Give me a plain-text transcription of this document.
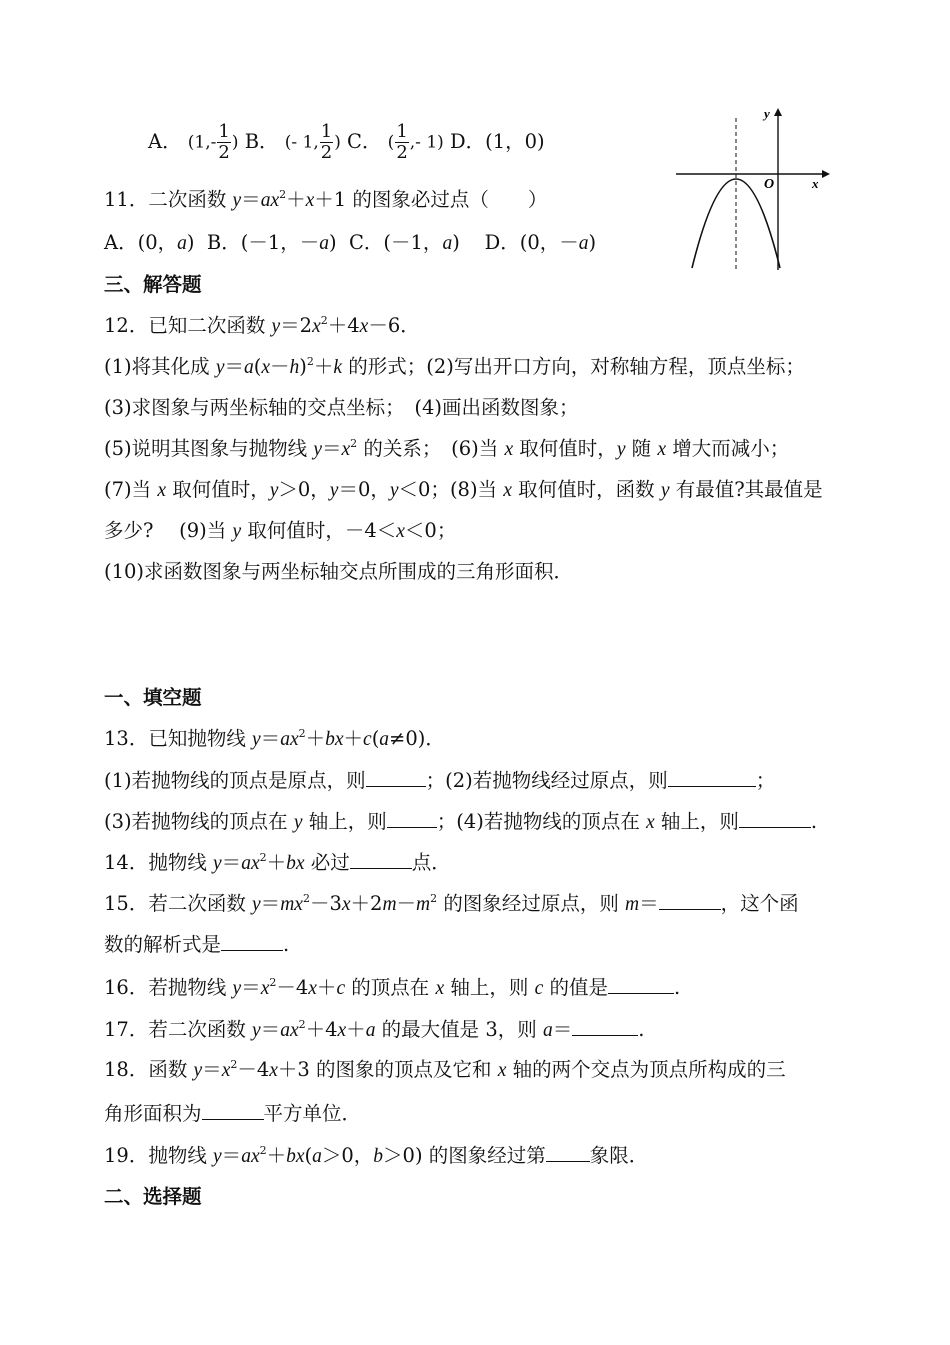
A． ($1,- \frac{1}{2}$ ) B． (- 1, $\frac{1}{2}$ ) C． ( $\frac{1}{2}$ ,- 1) D．(1，0)
y
x
O
11．二次函数 $y=ax^2+x+1$ 的图象必过点（　　）
A．(0，a)  B．(－1，－a)  C．(－1，a)    D．(0，－a)
三、解答题
12．已知二次函数 $y=2x^2+4x-6$．
(1)将其化成 $y=a(x-h)^2+k$ 的形式；(2)写出开口方向，对称轴方程，顶点坐标；
(3)求图象与两坐标轴的交点坐标；　(4)画出函数图象；
(5)说明其图象与抛物线 $y=x^2$ 的关系；　(6)当 x 取何值时，y 随 x 增大而减小；
(7)当 x 取何值时，y＞0，y＝0，y＜0；(8)当 x 取何值时，函数 y 有最值?其最值是
多少?　 (9)当 y 取何值时，－4＜x＜0；
(10)求函数图象与两坐标轴交点所围成的三角形面积．
一、填空题
13．已知抛物线 $y=ax^2+bx+c(a\ne 0)$．
(1)若抛物线的顶点是原点，则	；(2)若抛物线经过原点，则	；
(3)若抛物线的顶点在 y 轴上，则	；(4)若抛物线的顶点在 x 轴上，则	.
14．抛物线 $y=ax^2+bx$ 必过	点．
15．若二次函数 $y=mx^2-3x+2m-m^2$ 的图象经过原点，则 m＝	，这个函
数的解析式是	.
16．若抛物线 $y=x^2-4x+c$ 的顶点在 x 轴上，则 c 的值是	.
17．若二次函数 $y=ax^2+4x+a$ 的最大值是 3，则 a＝	.
18．函数 $y=x^2-4x+3$ 的图象的顶点及它和 x 轴的两个交点为顶点所构成的三
角形面积为	平方单位．
19．抛物线 $y=ax^2+bx(a>0$，b＞0) 的图象经过第 象限．
二、选择题
